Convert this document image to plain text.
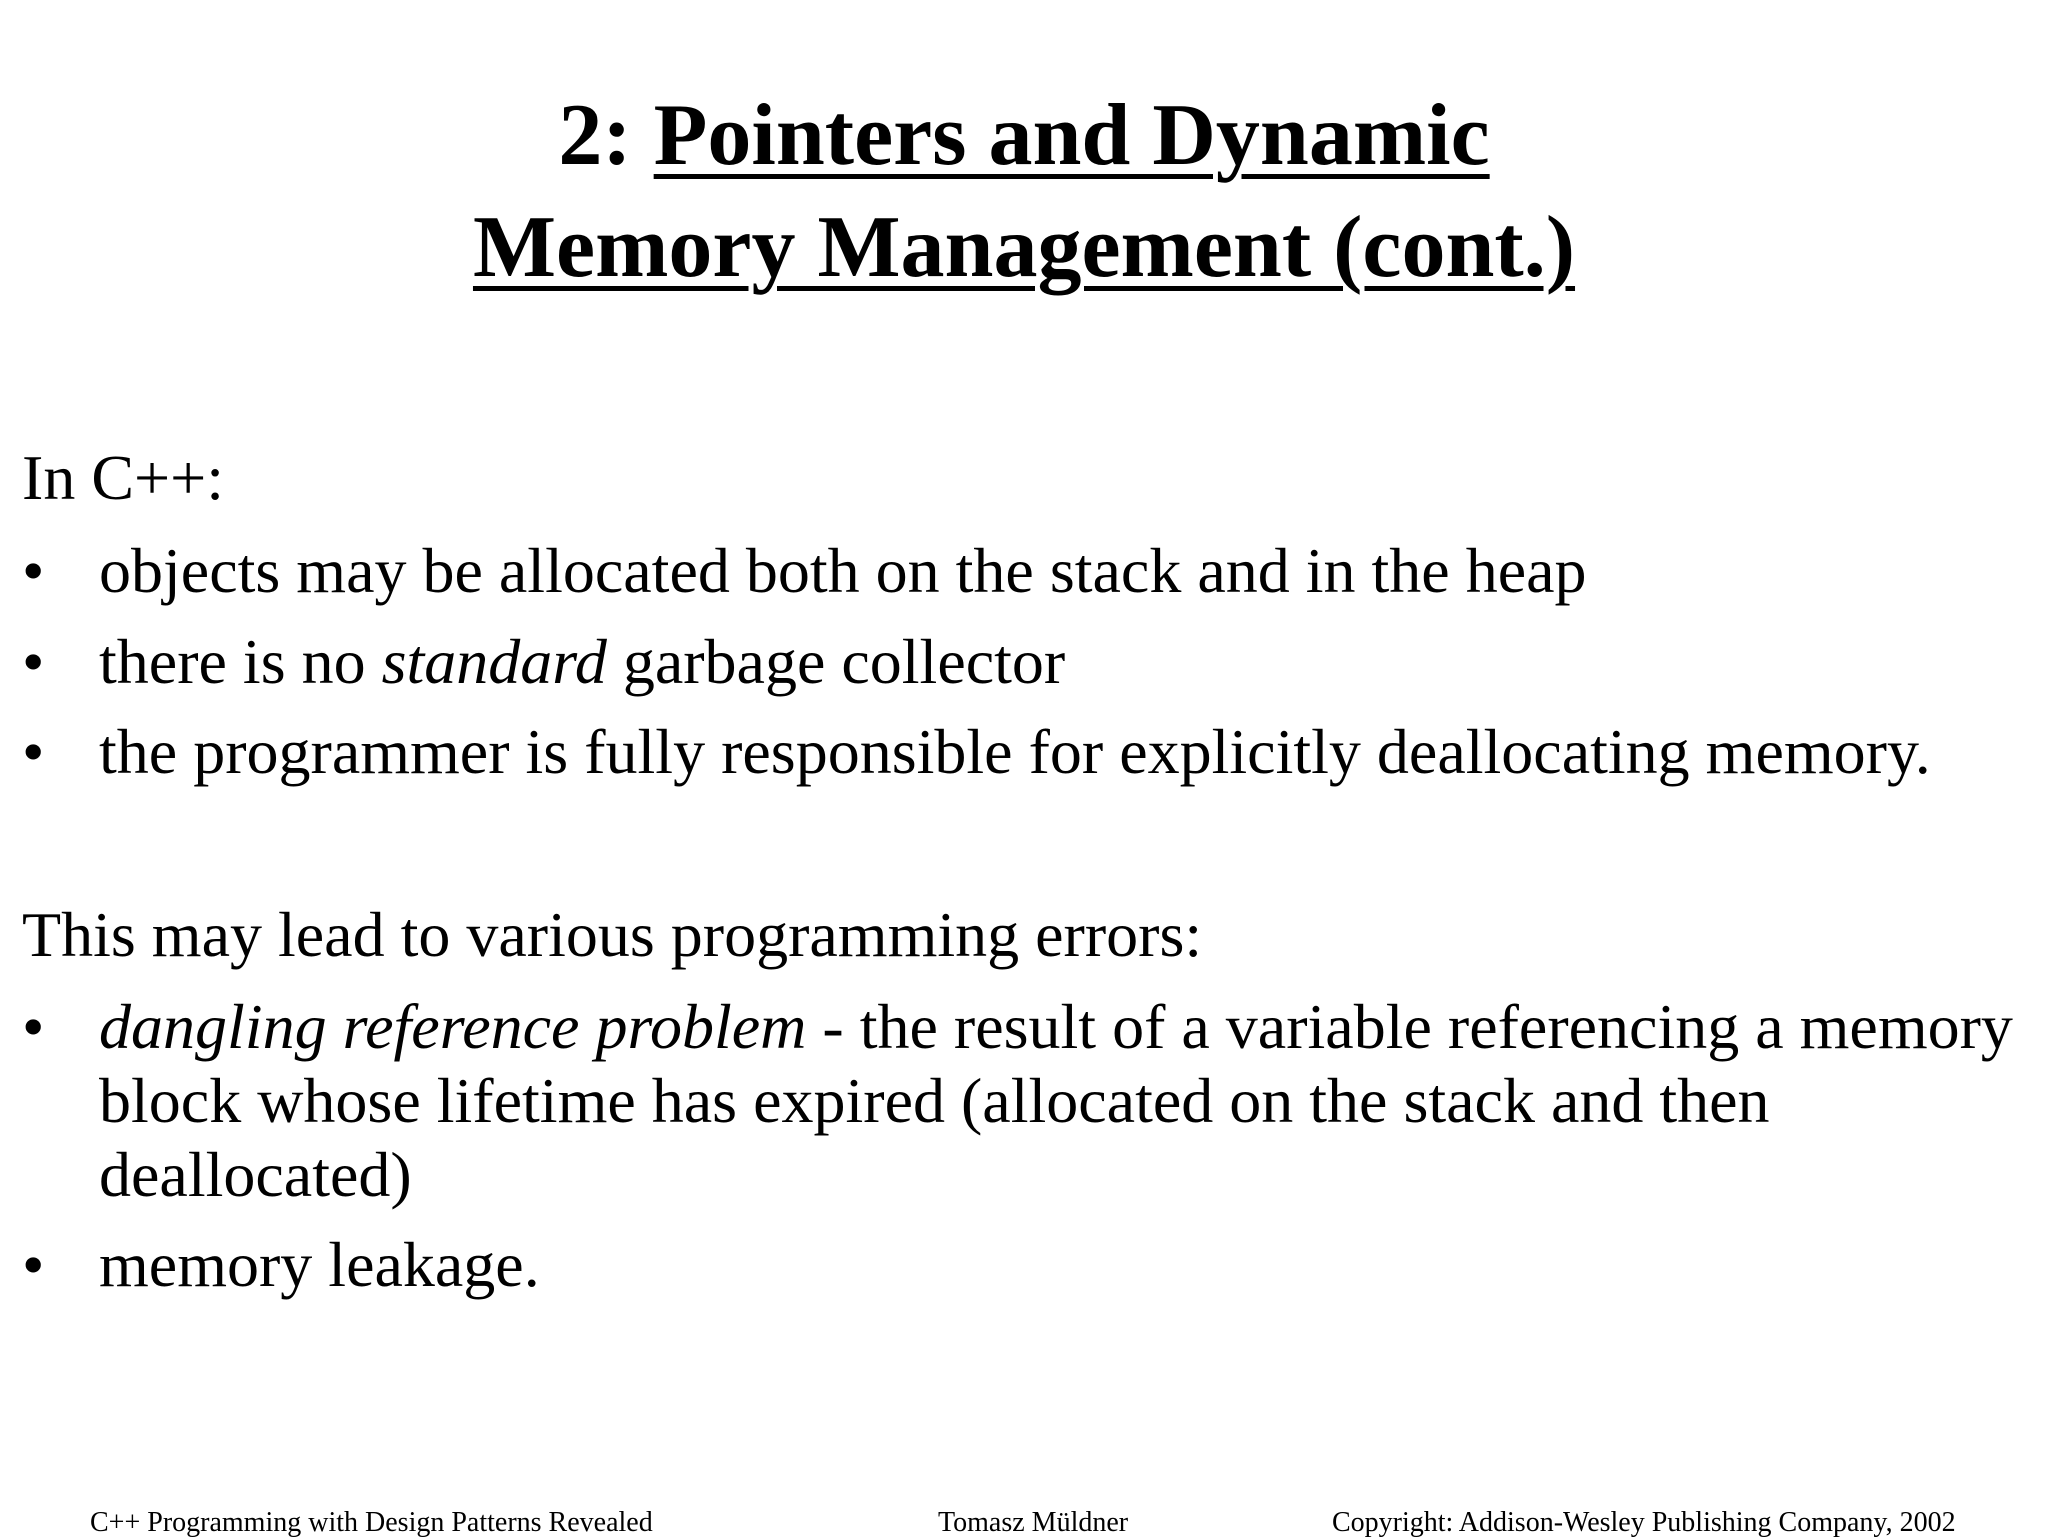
2: Pointers and Dynamic
Memory Management (cont.)

In C++:

• objects may be allocated both on the stack and in the heap
• there is no standard garbage collector
• the programmer is fully responsible for explicitly deallocating memory.

This may lead to various programming errors:

• dangling reference problem - the result of a variable referencing a memory block whose lifetime has expired (allocated on the stack and then deallocated)
• memory leakage.
C++ Programming with Design Patterns Revealed	Tomasz Müldner	Copyright: Addison-Wesley Publishing Company, 2002
